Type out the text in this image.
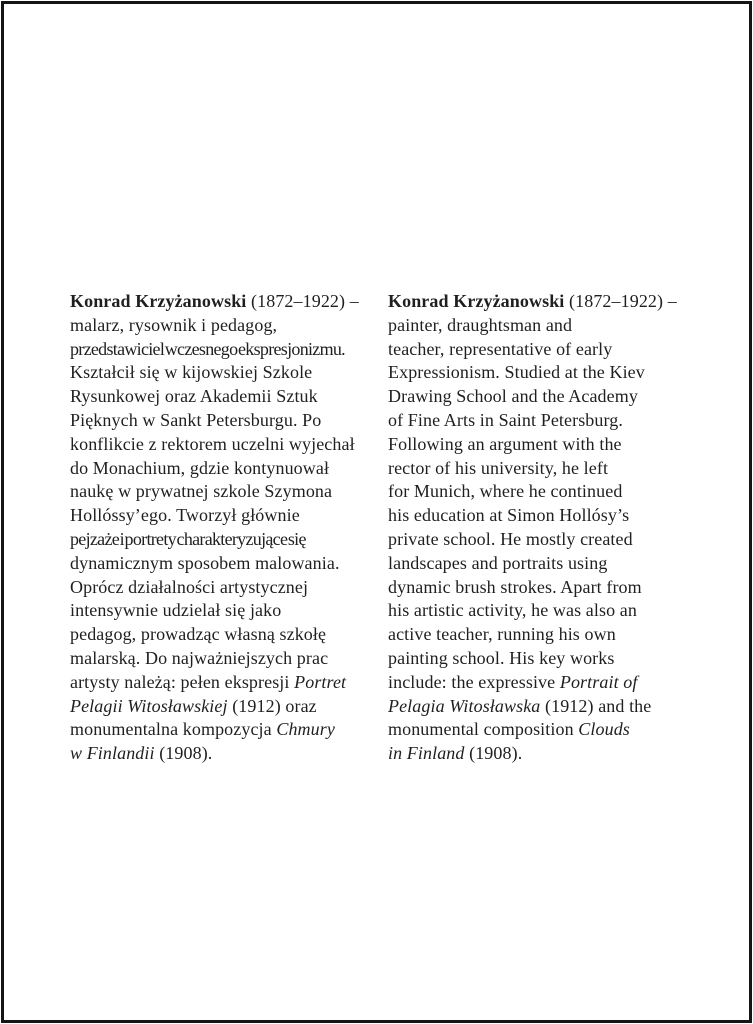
Konrad Krzyżanowski (1872–1922) –
malarz, rysownik i pedagog,
przedstawiciel wczesnego ekspresjonizmu.
Kształcił się w kijowskiej Szkole
Rysunkowej oraz Akademii Sztuk
Pięknych w Sankt Petersburgu. Po
konflikcie z rektorem uczelni wyjechał
do Monachium, gdzie kontynuował
naukę w prywatnej szkole Szymona
Hollóssy’ego. Tworzył głównie
pejzaże i portrety charakteryzujące się
dynamicznym sposobem malowania.
Oprócz działalności artystycznej
intensywnie udzielał się jako
pedagog, prowadząc własną szkołę
malarską. Do najważniejszych prac
artysty należą: pełen ekspresji Portret
Pelagii Witosławskiej (1912) oraz
monumentalna kompozycja Chmury
w Finlandii (1908).
Konrad Krzyżanowski (1872–1922) –
painter, draughtsman and
teacher, representative of early
Expressionism. Studied at the Kiev
Drawing School and the Academy
of Fine Arts in Saint Petersburg.
Following an argument with the
rector of his university, he left
for Munich, where he continued
his education at Simon Hollósy’s
private school. He mostly created
landscapes and portraits using
dynamic brush strokes. Apart from
his artistic activity, he was also an
active teacher, running his own
painting school. His key works
include: the expressive Portrait of
Pelagia Witosławska (1912) and the
monumental composition Clouds
in Finland (1908).
